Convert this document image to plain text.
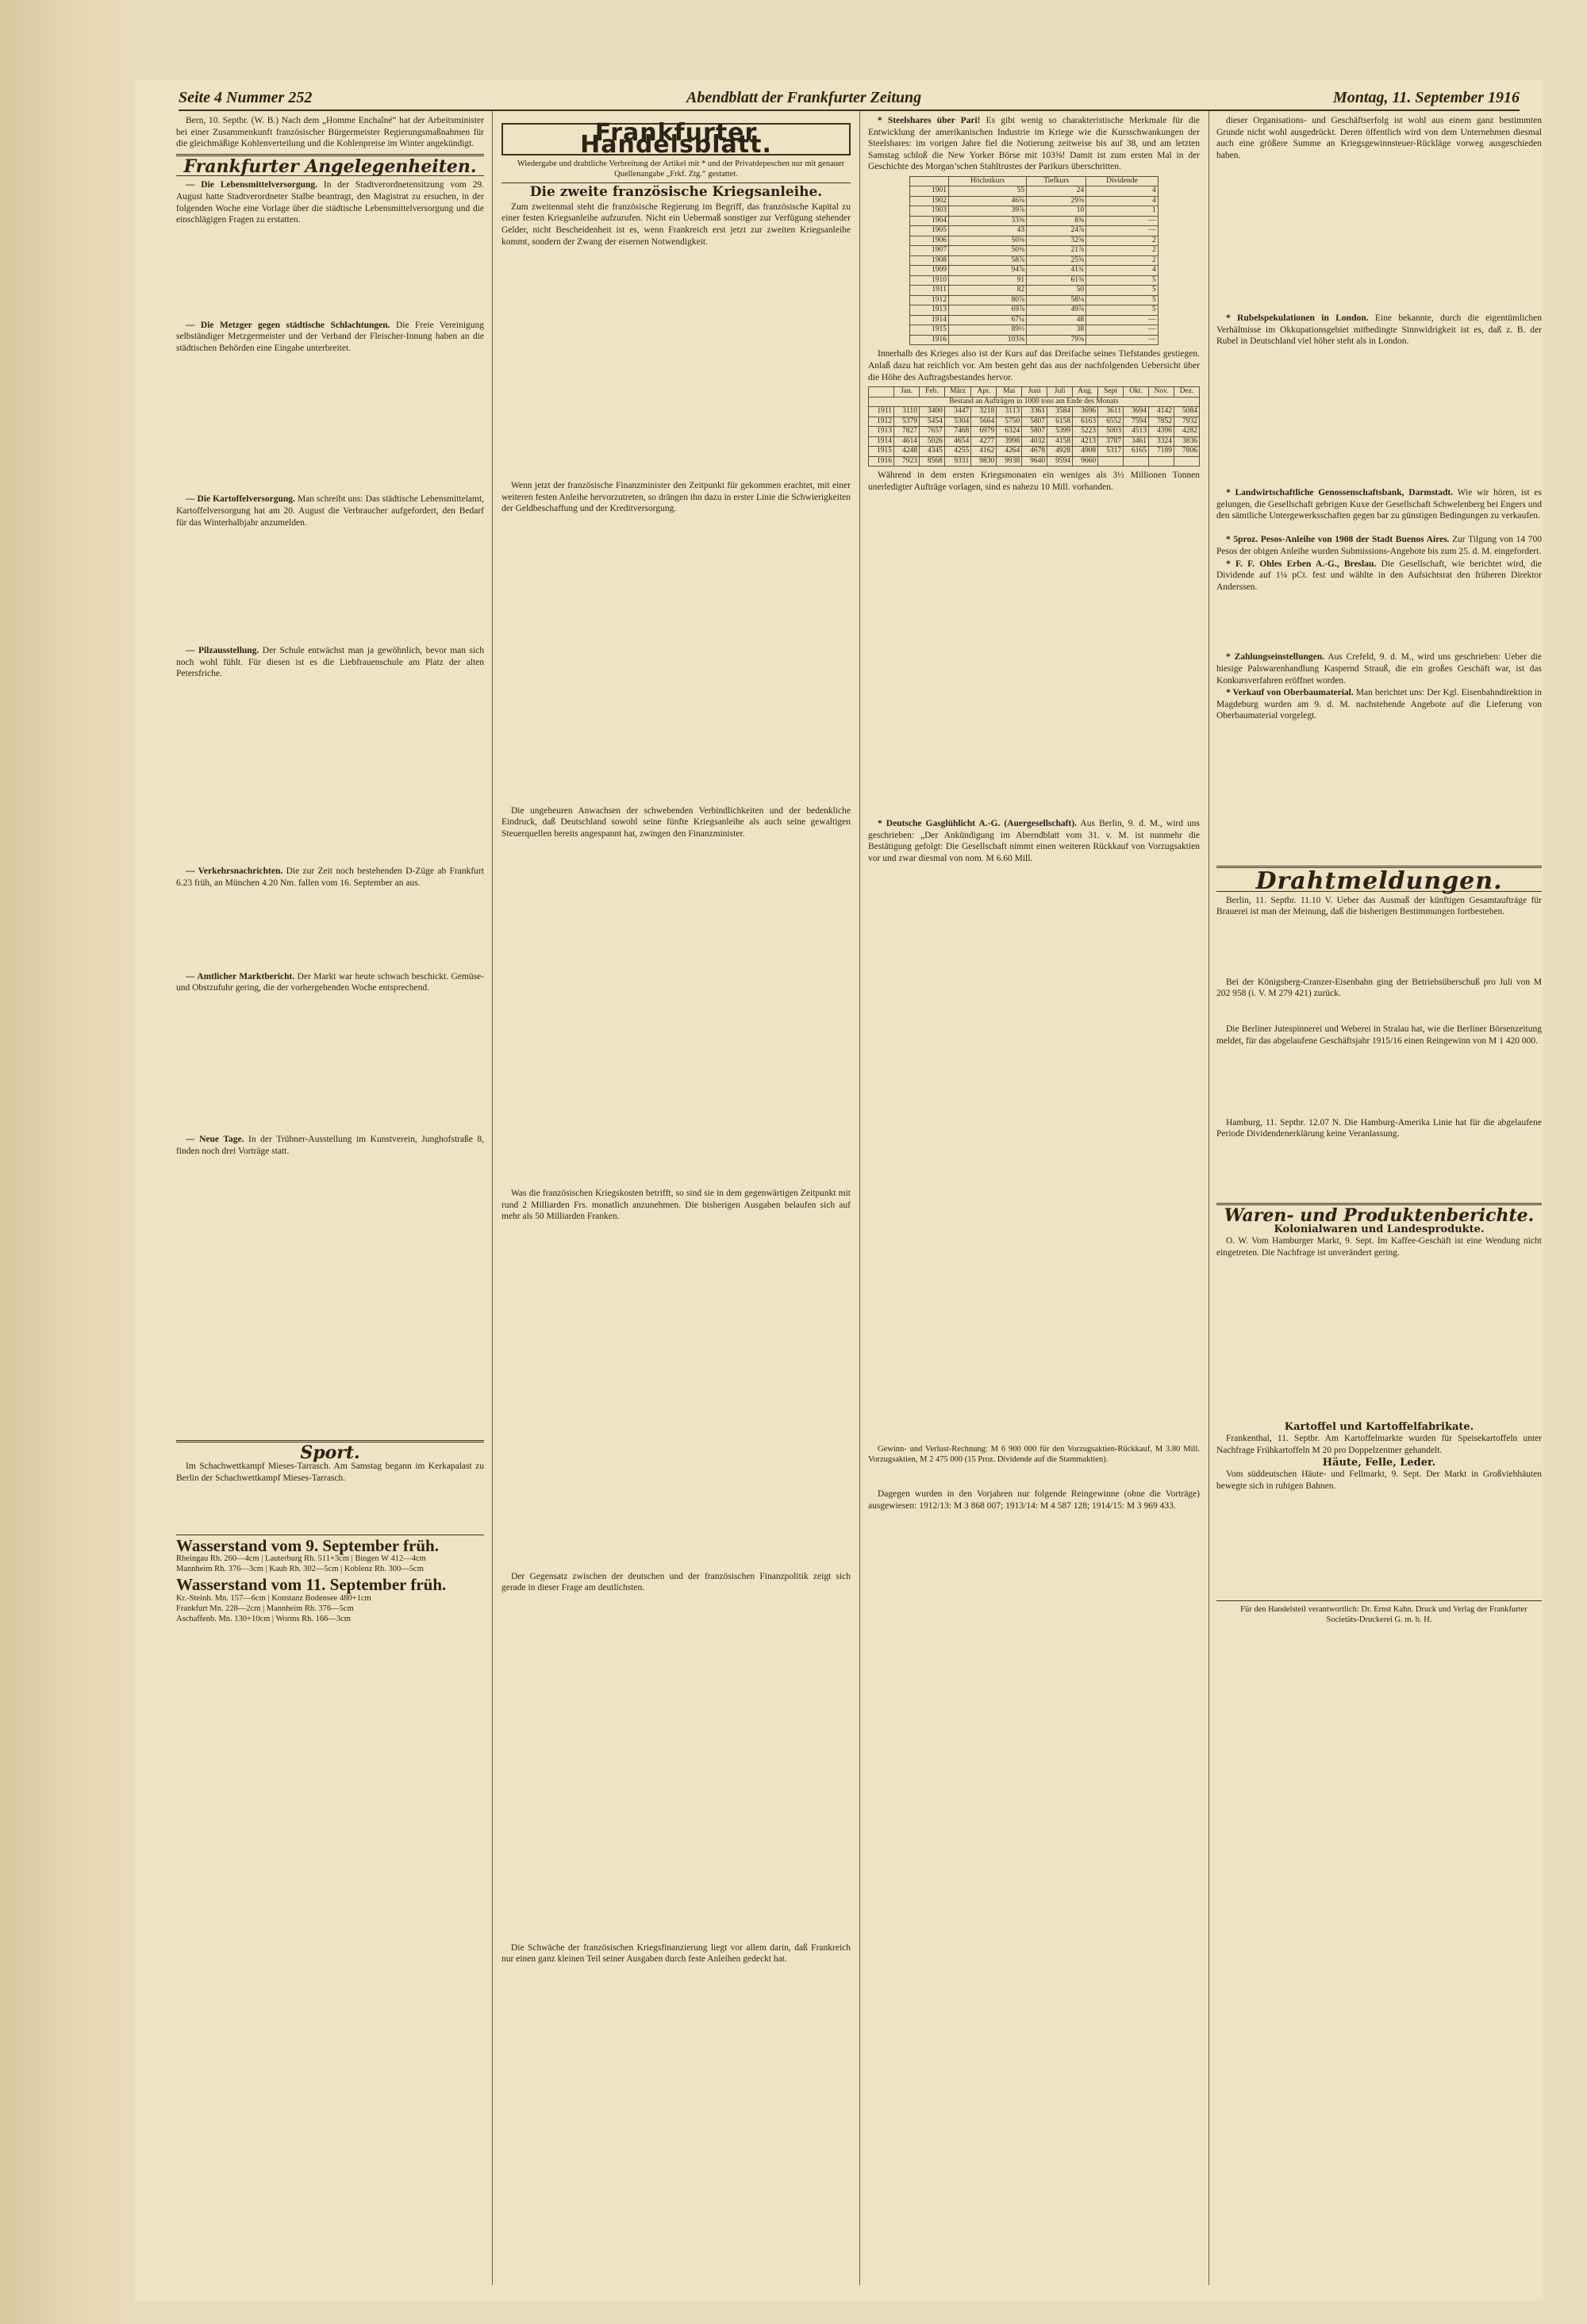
Seite 4 Nummer 252	Abendblatt der Frankfurter Zeitung	Montag, 11. September 1916

Bern, 10. Septbr. (W. B.) Nach dem „Homme Enchaîné“ hat der Arbeitsminister bei einer Zusammenkunft französischer Bürgermeister Regierungsmaßnahmen für die gleichmäßige Kohlenverteilung und die Kohlenpreise im Winter angekündigt.

Frankfurter Angelegenheiten.

— Die Lebensmittelversorgung. In der Stadtverordnetensitzung vom 29. August hatte Stadtverordneter Stalbe beantragt, den Magistrat zu ersuchen, in der folgenden Woche eine Vorlage über die städtische Lebensmittelversorgung und die einschlägigen Fragen zu erstatten.

— Die Metzger gegen städtische Schlachtungen. Die Freie Vereinigung selbständiger Metzgermeister und der Verband der Fleischer-Innung haben an die städtischen Behörden eine Eingabe unterbreitet.

— Die Kartoffelversorgung. Man schreibt uns: Das städtische Lebensmittelamt, Kartoffelversorgung hat am 20. August die Verbraucher aufgefordert, den Bedarf für das Winterhalbjahr anzumelden.

— Pilzausstellung. Der Schule entwächst man ja gewöhnlich, bevor man sich noch wohl fühlt. Für diesen ist es die Liebfrauenschule am Platz der alten Petersfriche.

— Verkehrsnachrichten. Die zur Zeit noch bestehenden D-Züge ab Frankfurt 6.23 früh, an München 4.20 Nm. fallen vom 16. September an aus.

— Amtlicher Marktbericht. Der Markt war heute schwach beschickt. Gemüse- und Obstzufuhr gering, die der vorhergehenden Woche entsprechend.

— Neue Tage. In der Trübner-Ausstellung im Kunstverein, Junghofstraße 8, finden noch drei Vorträge statt.

Sport.

Im Schachwettkampf Mieses-Tarrasch. Am Samstag begann im Kerkapalast zu Berlin der Schachwettkampf Mieses-Tarrasch.

Wasserstand vom 9. September früh.
Rheingau Rh. 260—4cm | Lauterburg Rh. 511+3cm | Bingen W 412—4cm
Mannheim Rh. 376—3cm | Kaub Rh. 302—5cm | Koblenz Rh. 300—5cm
Wasserstand vom 11. September früh.
Kr.-Steinh. Mn. 157—6cm | Konstanz Bodensee 480+1cm
Frankfurt Mn. 228—2cm | Mannheim Rh. 376—5cm
Aschaffenb. Mn. 130+10cm | Worms Rh. 166—3cm
Frankfurter Handelsblatt.

Wiedergabe und drahtliche Verbreitung der Artikel mit * und der Privatdepeschen nur mit genauer Quellenangabe „Frkf. Ztg.“ gestattet.

Die zweite französische Kriegsanleihe.

Zum zweitenmal steht die französische Regierung im Begriff, das französische Kapital zu einer festen Kriegsanleihe aufzurufen. Nicht ein Uebermaß sonstiger zur Verfügung stehender Gelder, nicht Bescheidenheit ist es, wenn Frankreich erst jetzt zur zweiten Kriegsanleihe kommt, sondern der Zwang der eisernen Notwendigkeit.

Wenn jetzt der französische Finanzminister den Zeitpunkt für gekommen erachtet, mit einer weiteren festen Anleihe hervorzutreten, so drängen ihn dazu in erster Linie die Schwierigkeiten der Geldbeschaffung und der Kreditversorgung.

Die ungeheuren Anwachsen der schwebenden Verbindlichkeiten und der bedenkliche Eindruck, daß Deutschland sowohl seine fünfte Kriegsanleihe als auch seine gewaltigen Steuerquellen bereits angespannt hat, zwingen den Finanzminister.

Was die französischen Kriegskosten betrifft, so sind sie in dem gegenwärtigen Zeitpunkt mit rund 2 Milliarden Frs. monatlich anzunehmen. Die bisherigen Ausgaben belaufen sich auf mehr als 50 Milliarden Franken.

Der Gegensatz zwischen der deutschen und der französischen Finanzpolitik zeigt sich gerade in dieser Frage am deutlichsten.

Die Schwäche der französischen Kriegsfinanzierung liegt vor allem darin, daß Frankreich nur einen ganz kleinen Teil seiner Ausgaben durch feste Anleihen gedeckt hat.

* Steelshares über Pari! Es gibt wenig so charakteristische Merkmale für die Entwicklung der amerikanischen Industrie im Kriege wie die Kursschwankungen der Steelshares: im vorigen Jahre fiel die Notierung zeitweise bis auf 38, und am letzten Samstag schloß die New Yorker Börse mit 103⅝! Damit ist zum ersten Mal in der Geschichte des Morgan’schen Stahltrustes der Parikurs überschritten.

	Höchstkurs	Tiefkurs	Dividende
1901	55	24	4
1902	46⅝	29⅝	4
1903	39⅞	10	1
1904	33⅜	8⅜	—
1905	43	24⅞	—
1906	50⅜	32⅝	2
1907	50⅝	21⅞	2
1908	58⅞	25⅝	2
1909	94⅞	41¾	4
1910	91	61⅜	5
1911	82	50	5
1912	80⅞	58⅛	5
1913	69⅞	49⅞	5
1914	67¼	48	—
1915	89½	38	—
1916	103⅝	79⅝	—

Innerhalb des Krieges also ist der Kurs auf das Dreifache seines Tiefstandes gestiegen. Anlaß dazu hat reichlich vor. Am besten geht das aus der nachfolgenden Uebersicht über die Höhe des Auftragsbestandes hervor.

	Jan.	Feb.	März	Apr.	Mai	Juni	Juli	Aug.	Sept	Okt.	Nov.	Dez.
Bestand an Aufträgen in 1000 tons am Ende des Monats												
1911	3110	3400	3447	3218	3113	3361	3584	3696	3611	3694	4142	5084
1912	5379	5454	5304	5664	5750	5807	6158	6163	6552	7594	7852	7932
1913	7827	7657	7468	6979	6324	5807	5399	5223	5003	4513	4396	4282
1914	4614	5026	4654	4277	3998	4032	4158	4213	3787	3461	3324	3836
1915	4248	4345	4255	4162	4264	4678	4928	4908	5317	6165	7189	7806
1916	7923	8568	9331	9830	9938	9640	9594	9660				

Während in dem ersten Kriegsmonaten ein weniges als 3½ Millionen Tonnen unerledigter Aufträge vorlagen, sind es nahezu 10 Mill. vorhanden.

* Deutsche Gasglühlicht A.-G. (Auergesellschaft). Aus Berlin, 9. d. M., wird uns geschrieben: „Der Ankündigung im Aberndblatt vom 31. v. M. ist nunmehr die Bestätigung gefolgt: Die Gesellschaft nimmt einen weiteren Rückkauf von Vorzugsaktien vor und zwar diesmal von nom. M 6.60 Mill.

Gewinn- und Verlust-Rechnung: M 6 900 000 für den Vorzugsaktien-Rückkauf, M 3.80 Mill. Vorzugsaktien, M 2 475 000 (15 Proz. Dividende auf die Stammaktien).

Dagegen wurden in den Vorjahren nur folgende Reingewinne (ohne die Vorträge) ausgewiesen: 1912/13: M 3 868 007; 1913/14: M 4 587 128; 1914/15: M 3 969 433.

dieser Organisations- und Geschäftserfolg ist wohl aus einem ganz bestimmten Grunde nicht wohl ausgedrückt. Deren öffentlich wird von dem Unternehmen diesmal auch eine größere Summe an Kriegsgewinnsteuer-Rückläge vorweg ausgeschieden haben.

* Rubelspekulationen in London. Eine bekannte, durch die eigentümlichen Verhältnisse im Okkupationsgebiet mitbedingte Sinnwidrigkeit ist es, daß z. B. der Rubel in Deutschland viel höher steht als in London.

* Landwirtschaftliche Genossenschaftsbank, Darmstadt. Wie wir hören, ist es gelungen, die Gesellschaft gebrigen Kuxe der Gesellschaft Schwelenberg bei Engers und den sämtliche Untergewerksschaften gegen bar zu günstigen Bedingungen zu verkaufen.

* 5proz. Pesos-Anleihe von 1908 der Stadt Buenos Aires. Zur Tilgung von 14 700 Pesos der obigen Anleihe wurden Submissions-Angebote bis zum 25. d. M. eingefordert.

* F. F. Ohles Erben A.-G., Breslau. Die Gesellschaft, wie berichtet wird, die Dividende auf 1¼ pCt. fest und wählte in den Aufsichtsrat den früheren Direktor Anderssen.

* Zahlungseinstellungen. Aus Crefeld, 9. d. M., wird uns geschrieben: Ueber die hiesige Palswarenhandlung Kaspernd Strauß, die ein großes Geschäft war, ist das Konkursverfahren eröffnet worden.

* Verkauf von Oberbaumaterial. Man berichtet uns: Der Kgl. Eisenbahndirektion in Magdeburg wurden am 9. d. M. nachstehende Angebote auf die Lieferung von Oberbaumaterial vorgelegt.

Drahtmeldungen.

Berlin, 11. Septbr. 11.10 V. Ueber das Ausmaß der künftigen Gesamtaufträge für Brauerei ist man der Meinung, daß die bisherigen Bestimmungen fortbestehen.

Bei der Königsberg-Cranzer-Eisenbahn ging der Betriebsüberschuß pro Juli von M 202 958 (i. V. M 279 421) zurück.

Die Berliner Jutespinnerei und Weberei in Stralau hat, wie die Berliner Börsenzeitung meldet, für das abgelaufene Geschäftsjahr 1915/16 einen Reingewinn von M 1 420 000.

Hamburg, 11. Septbr. 12.07 N. Die Hamburg-Amerika Linie hat für die abgelaufene Periode Dividendenerklärung keine Veranlassung.

Waren- und Produktenberichte.
Kolonialwaren und Landesprodukte.

O. W. Vom Hamburger Markt, 9. Sept. Im Kaffee-Geschäft ist eine Wendung nicht eingetreten. Die Nachfrage ist unverändert gering.

Kartoffel und Kartoffelfabrikate.

Frankenthal, 11. Septbr. Am Kartoffelmarkte wurden für Speisekartoffeln unter Nachfrage Frühkartoffeln M 20 pro Doppelzentner gehandelt.

Häute, Felle, Leder.

Vom süddeutschen Häute- und Fellmarkt, 9. Sept. Der Markt in Großviehhäuten bewegte sich in ruhigen Bahnen.

Für den Handelsteil verantwortlich: Dr. Ernst Kahn. Druck und Verlag der Frankfurter Societäts-Druckerei G. m. b. H.
